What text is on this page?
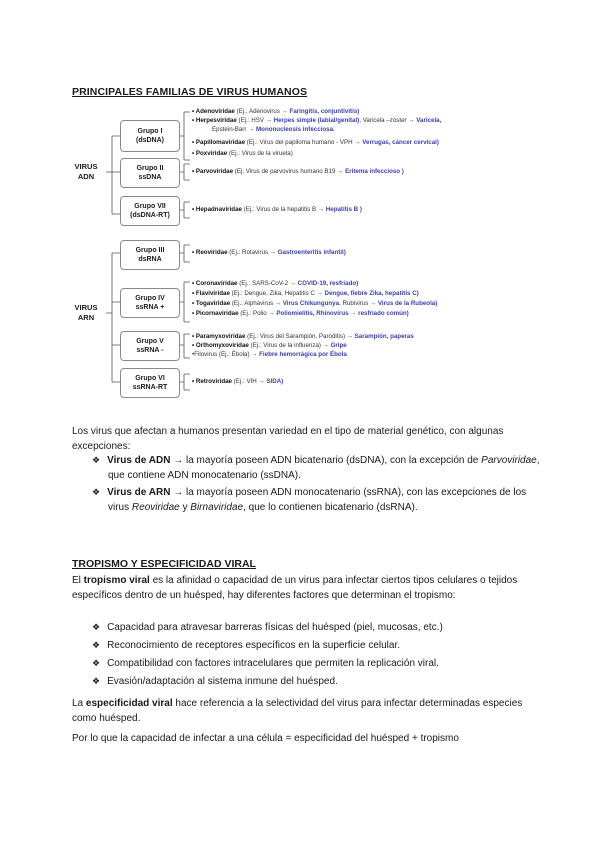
PRINCIPALES FAMILIAS DE VIRUS HUMANOS
VIRUS
ADN
VIRUS
ARN
Grupo I
(dsDNA)
Grupo II
ssDNA
Grupo VII
(dsDNA-RT)
Grupo III
dsRNA
Grupo IV
ssRNA +
Grupo V
ssRNA -
Grupo VI
ssRNA-RT
• Adenoviridae (Ej.: Adenovirus → Faringitis, conjuntivitis)
• Herpesviridae (Ej.: HSV → Herpes simple (labial/genital), Varicela –zóster → Varicela,
Epstein-Barr → Mononucleosis infecciosa.
• Papillomaviridae (Ej.: Virus del papiloma humano - VPH → Verrugas, cáncer cervical)
• Poxviridae (Ej.: Virus de la viruela)
• Parvoviridae (Ej. Virus de parvovirus humano B19 → Eritema infeccioso )
• Hepadnaviridae (Ej.: Virus de la hepatitis B → Hepatitis B )
• Reoviridae (Ej.: Rotavirus → Gastroenteritis infantil)
• Coronaviridae (Ej.: SARS-CoV-2 → COVID-19, resfriado)
• Flaviviridae (Ej.: Dengue, Zika, Hepatitis C → Dengue, fiebre Zika, hepatitis C)
• Togaviridae (Ej.: Alphavirus → Virus Chikungunya, Rubivirus → Virus de la Rubeola)
• Picornaviridae (Ej.: Polio → Poliomielitis, Rhinovirus → resfriado común)
• Paramyxoviridae (Ej.: Virus del Sarampión, Paroditis) → Sarampión, paperas
• Orthomyxoviridae (Ej.: Virus de la influenza) → Gripe
•Filovirus (Ej.: Ébola) → Fiebre hemorrágica por Ébola
• Retroviridae (Ej.: VIH → SIDA)
Los virus que afectan a humanos presentan variedad en el tipo de material genético, con algunas excepciones:
❖ Virus de ADN → la mayoría poseen ADN bicatenario (dsDNA), con la excepción de Parvoviridae, que contiene ADN monocatenario (ssDNA).
❖ Virus de ARN → la mayoría poseen ADN monocatenario (ssRNA), con las excepciones de los virus Reoviridae y Birnaviridae, que lo contienen bicatenario (dsRNA).
TROPISMO Y ESPECIFICIDAD VIRAL
El tropismo viral es la afinidad o capacidad de un virus para infectar ciertos tipos celulares o tejidos específicos dentro de un huésped, hay diferentes factores que determinan el tropismo:
❖ Capacidad para atravesar barreras físicas del huésped (piel, mucosas, etc.)
❖ Reconocimiento de receptores específicos en la superficie celular.
❖ Compatibilidad con factores intracelulares que permiten la replicación viral.
❖ Evasión/adaptación al sistema inmune del huésped.
La especificidad viral hace referencia a la selectividad del virus para infectar determinadas especies como huésped.
Por lo que la capacidad de infectar a una célula = especificidad del huésped + tropismo
